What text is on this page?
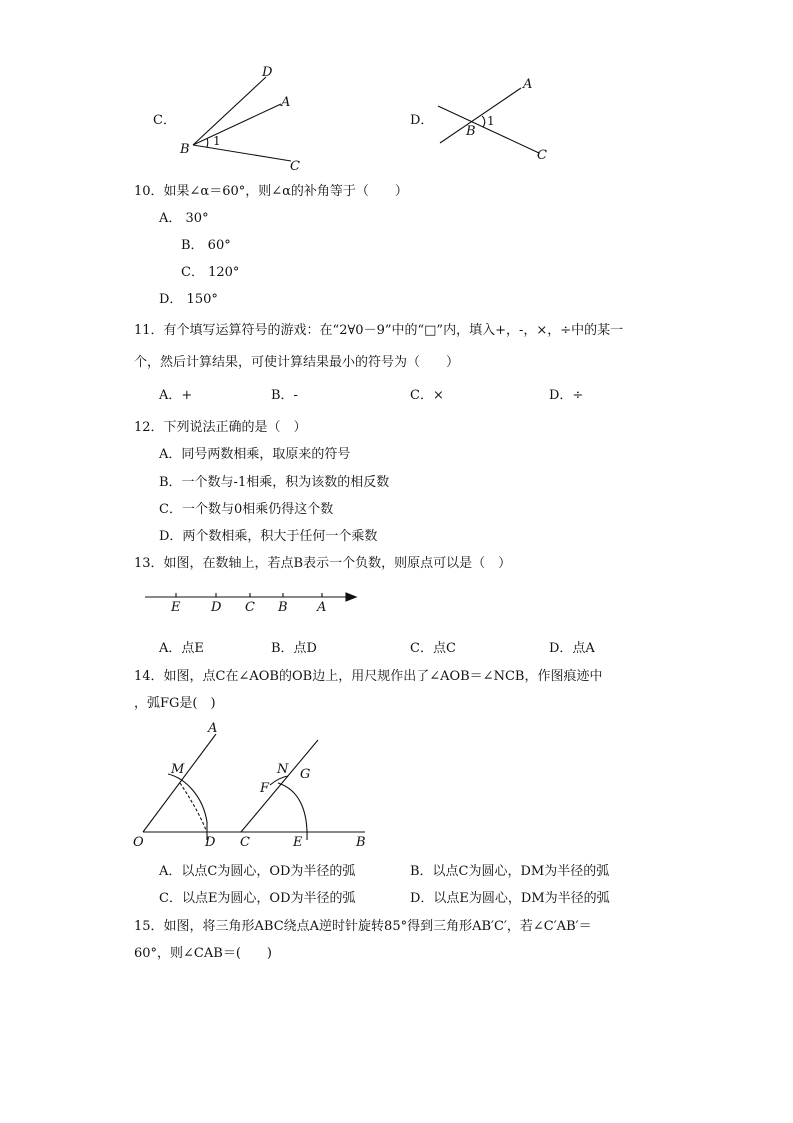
C．
D
A
B
C
1
D．
A
B
C
1
10．如果∠α＝60°，则∠α的补角等于（　　）
A． 30°
B． 60°
C． 120°
D． 150°
11．有个填写运算符号的游戏：在“2∀0－9”中的“□”内，填入+，-，×，÷中的某一
个，然后计算结果，可使计算结果最小的符号为（　　）
A．+	B．-	C．×	D．÷
12．下列说法正确的是（　）
A．同号两数相乘，取原来的符号
B．一个数与-1相乘，积为该数的相反数
C．一个数与0相乘仍得这个数
D．两个数相乘，积大于任何一个乘数
13．如图，在数轴上，若点B表示一个负数，则原点可以是（　）
E D C B A
A．点E	B．点D	C．点C	D．点A
14．如图，点C在∠AOB的OB边上，用尺规作出了∠AOB＝∠NCB，作图痕迹中
，弧FG是(　)
A
M	N G
F
O	D C	E	B
A．以点C为圆心，OD为半径的弧	B．以点C为圆心，DM为半径的弧
C．以点E为圆心，OD为半径的弧	D．以点E为圆心，DM为半径的弧
15．如图，将三角形ABC绕点A逆时针旋转85°得到三角形AB′C′，若∠C′AB′＝
60°，则∠CAB＝(　　)
